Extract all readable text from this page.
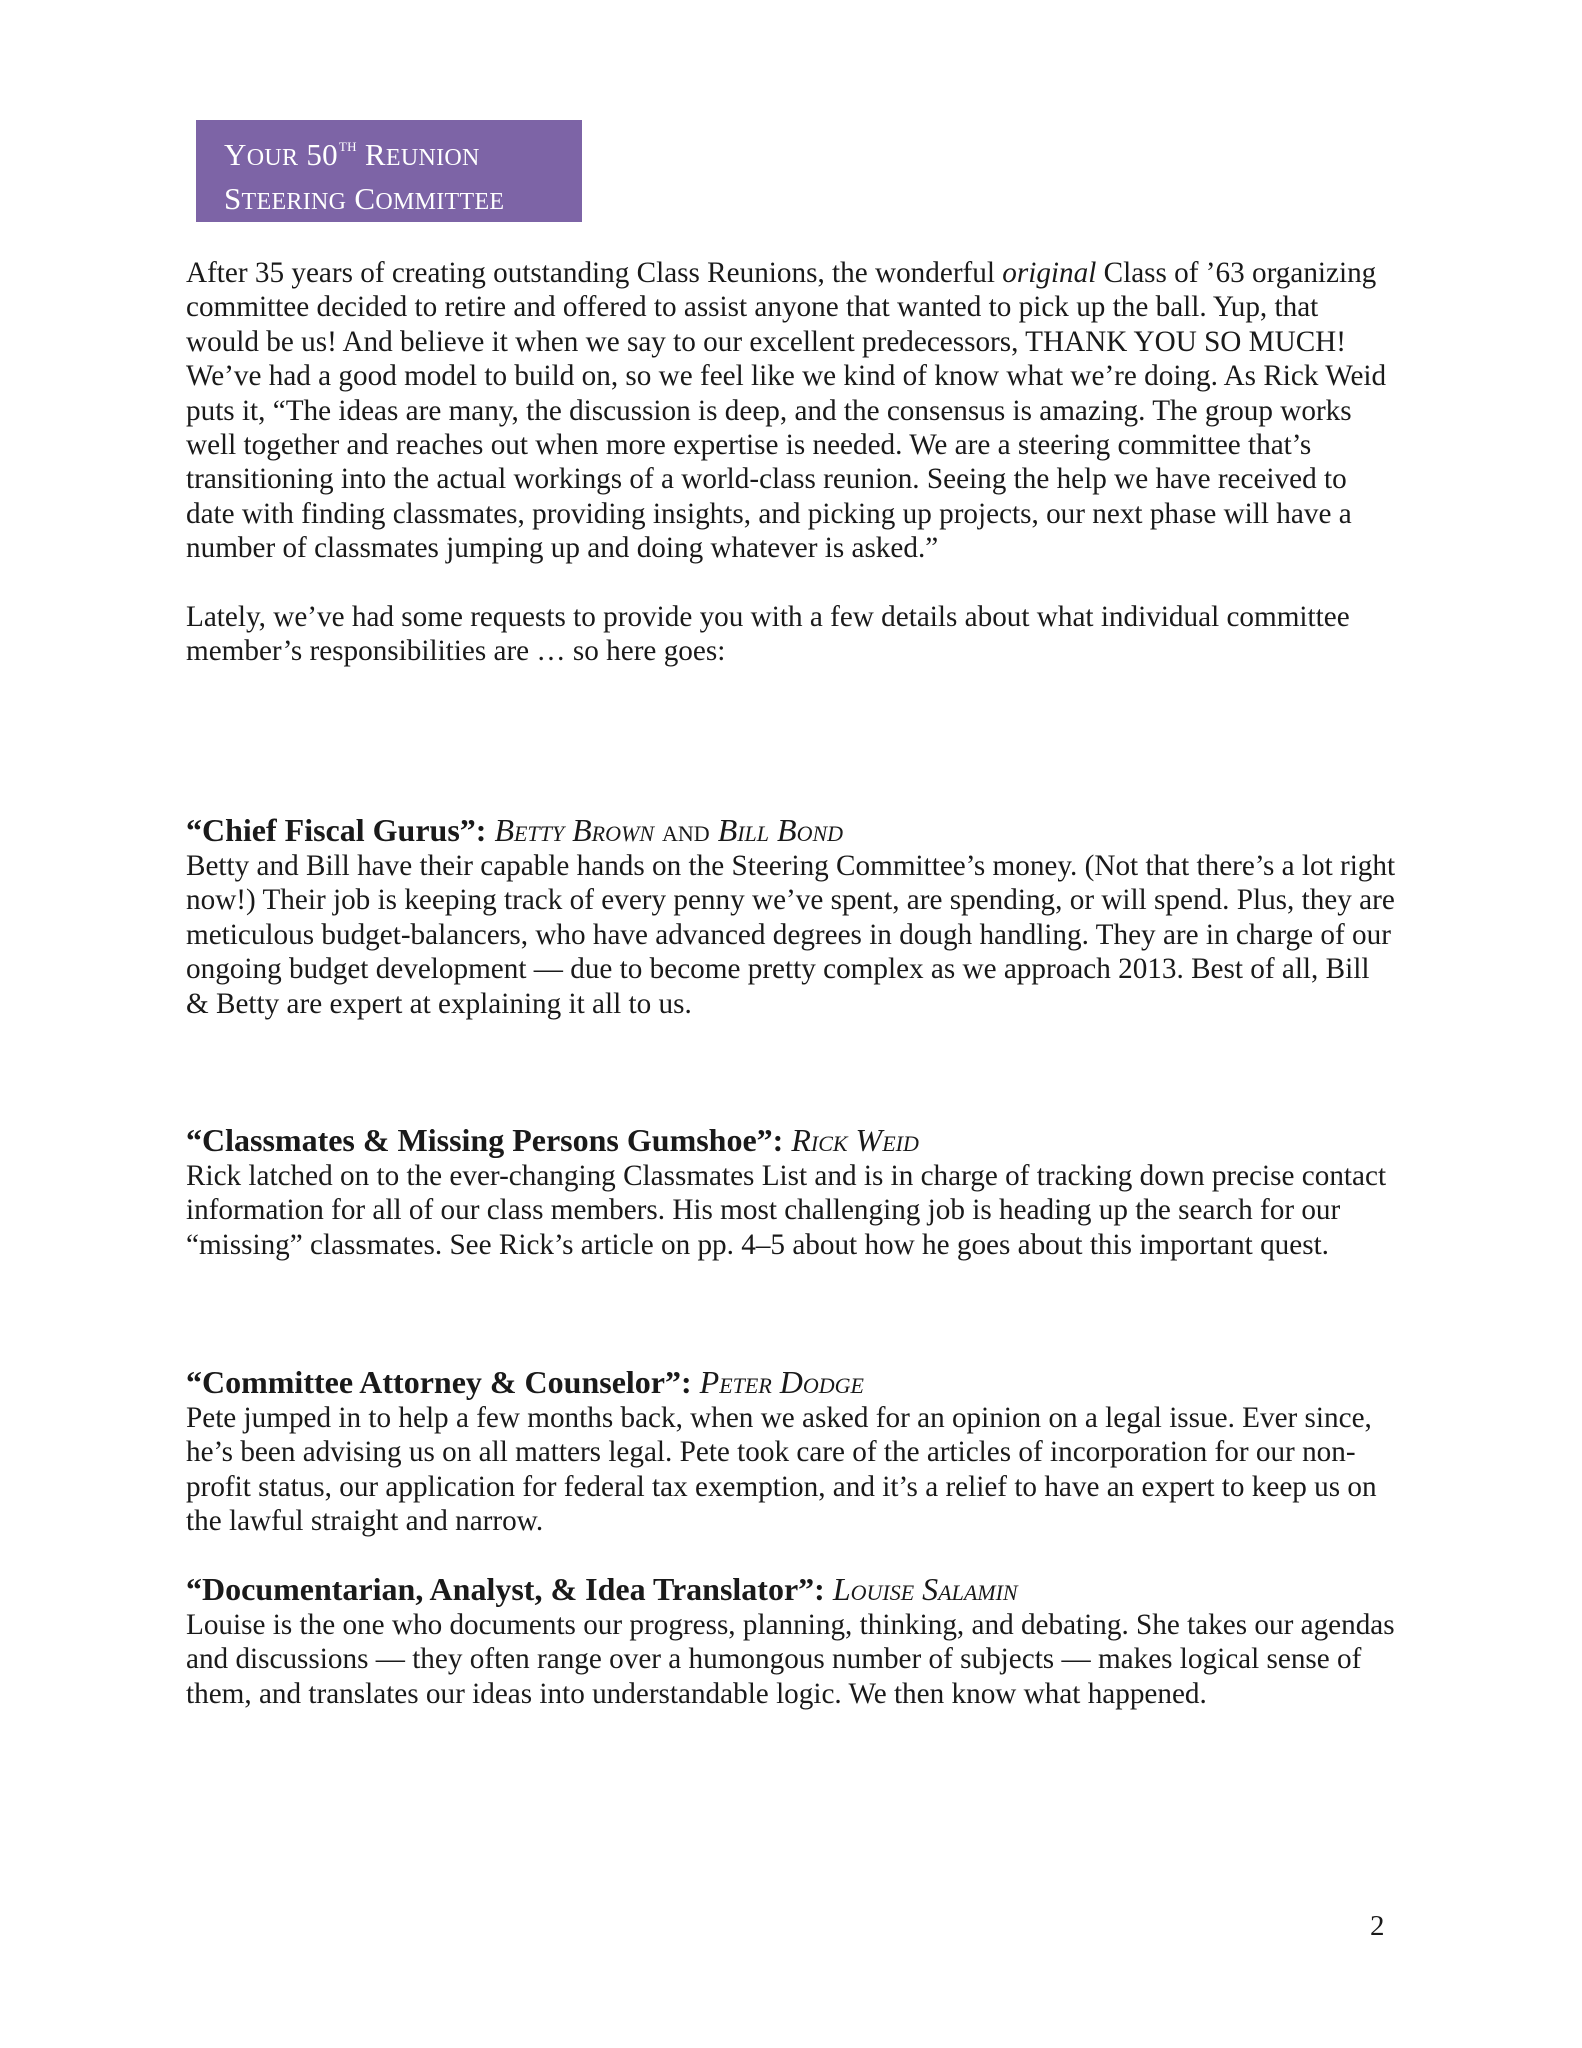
YOUR 50TH REUNION
STEERING COMMITTEE

After 35 years of creating outstanding Class Reunions, the wonderful original Class of ’63 organizing committee decided to retire and offered to assist anyone that wanted to pick up the ball. Yup, that would be us! And believe it when we say to our excellent predecessors, THANK YOU SO MUCH! We’ve had a good model to build on, so we feel like we kind of know what we’re doing. As Rick Weid puts it, “The ideas are many, the discussion is deep, and the consensus is amazing. The group works well together and reaches out when more expertise is needed. We are a steering committee that’s transitioning into the actual workings of a world-class reunion. Seeing the help we have received to date with finding classmates, providing insights, and picking up projects, our next phase will have a number of classmates jumping up and doing whatever is asked.”

Lately, we’ve had some requests to provide you with a few details about what individual committee member’s responsibilities are … so here goes:

“Chief Fiscal Gurus”: Betty Brown and Bill Bond

Betty and Bill have their capable hands on the Steering Committee’s money. (Not that there’s a lot right now!) Their job is keeping track of every penny we’ve spent, are spending, or will spend. Plus, they are meticulous budget-balancers, who have advanced degrees in dough handling. They are in charge of our ongoing budget development — due to become pretty complex as we approach 2013. Best of all, Bill & Betty are expert at explaining it all to us.

“Classmates & Missing Persons Gumshoe”: Rick Weid

Rick latched on to the ever-changing Classmates List and is in charge of tracking down precise contact information for all of our class members. His most challenging job is heading up the search for our “missing” classmates. See Rick’s article on pp. 4–5 about how he goes about this important quest.

“Committee Attorney & Counselor”: Peter Dodge

Pete jumped in to help a few months back, when we asked for an opinion on a legal issue. Ever since, he’s been advising us on all matters legal. Pete took care of the articles of incorporation for our non-profit status, our application for federal tax exemption, and it’s a relief to have an expert to keep us on the lawful straight and narrow.

“Documentarian, Analyst, & Idea Translator”: Louise Salamin

Louise is the one who documents our progress, planning, thinking, and debating. She takes our agendas and discussions — they often range over a humongous number of subjects — makes logical sense of them, and translates our ideas into understandable logic. We then know what happened.

2
